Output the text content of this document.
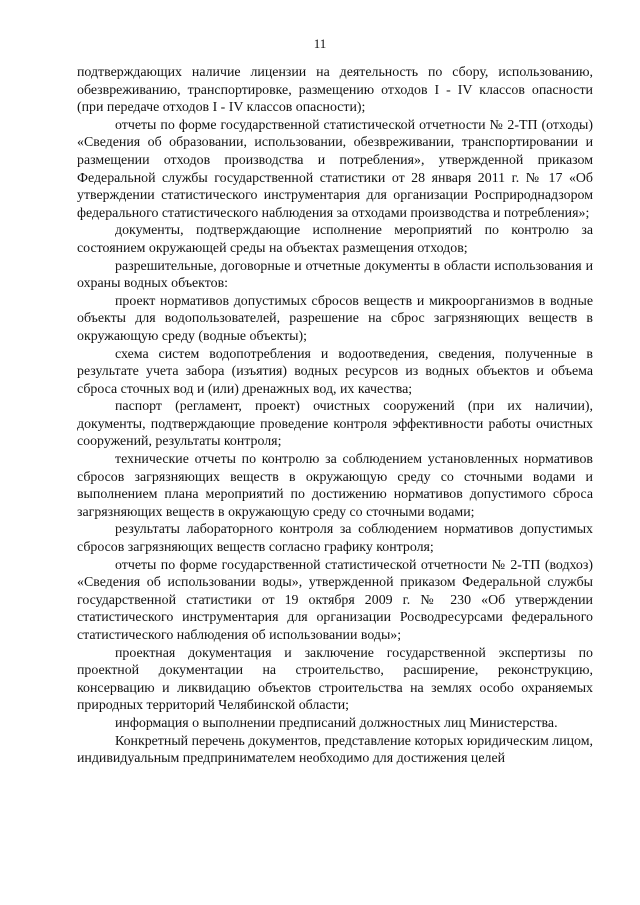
11

подтверждающих наличие лицензии на деятельность по сбору, использованию, обезвреживанию, транспортировке, размещению отходов I - IV классов опасности (при передаче отходов I - IV классов опасности);

отчеты по форме государственной статистической отчетности № 2-ТП (отходы) «Сведения об образовании, использовании, обезвреживании, транспортировании и размещении отходов производства и потребления», утвержденной приказом Федеральной службы государственной статистики от 28 января 2011 г. № 17 «Об утверждении статистического инструментария для организации Росприроднадзором федерального статистического наблюдения за отходами производства и потребления»;

документы, подтверждающие исполнение мероприятий по контролю за состоянием окружающей среды на объектах размещения отходов;

разрешительные, договорные и отчетные документы в области использования и охраны водных объектов:

проект нормативов допустимых сбросов веществ и микроорганизмов в водные объекты для водопользователей, разрешение на сброс загрязняющих веществ в окружающую среду (водные объекты);

схема систем водопотребления и водоотведения, сведения, полученные в результате учета забора (изъятия) водных ресурсов из водных объектов и объема сброса сточных вод и (или) дренажных вод, их качества;

паспорт (регламент, проект) очистных сооружений (при их наличии), документы, подтверждающие проведение контроля эффективности работы очистных сооружений, результаты контроля;

технические отчеты по контролю за соблюдением установленных нормативов сбросов загрязняющих веществ в окружающую среду со сточными водами и выполнением плана мероприятий по достижению нормативов допустимого сброса загрязняющих веществ в окружающую среду со сточными водами;

результаты лабораторного контроля за соблюдением нормативов допустимых сбросов загрязняющих веществ согласно графику контроля;

отчеты по форме государственной статистической отчетности № 2-ТП (водхоз) «Сведения об использовании воды», утвержденной приказом Федеральной службы государственной статистики от 19 октября 2009 г. № 230 «Об утверждении статистического инструментария для организации Росводресурсами федерального статистического наблюдения об использовании воды»;

проектная документация и заключение государственной экспертизы по проектной документации на строительство, расширение, реконструкцию, консервацию и ликвидацию объектов строительства на землях особо охраняемых природных территорий Челябинской области;

информация о выполнении предписаний должностных лиц Министерства.

Конкретный перечень документов, представление которых юридическим лицом, индивидуальным предпринимателем необходимо для достижения целей
